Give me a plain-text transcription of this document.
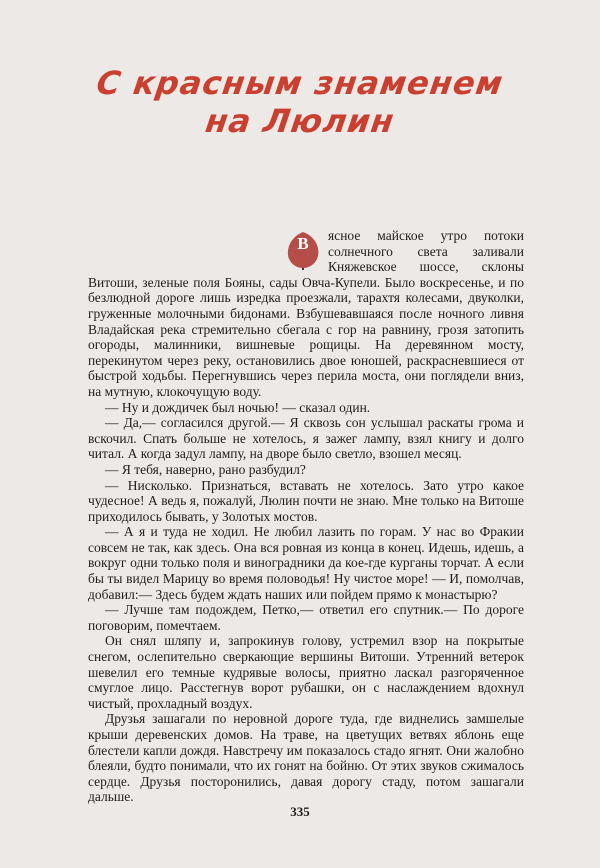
С красным знаменем
на Люлин

В	ясное майское утро потоки солнечного света заливали Княжевское шоссе, склоны Витоши, зеленые поля Бояны, сады Овча-Купели. Было воскресенье, и по безлюдной дороге лишь изредка проезжали, тарахтя колесами, двуколки, груженные молочными бидонами. Взбушевавшаяся после ночного ливня Владайская река стремительно сбегала с гор на равнину, грозя затопить огороды, малинники, вишневые рощицы. На деревянном мосту, перекинутом через реку, остановились двое юношей, раскрасневшиеся от быстрой ходьбы. Перегнувшись через перила моста, они поглядели вниз, на мутную, клокочущую воду.

— Ну и дождичек был ночью! — сказал один.

— Да,— согласился другой.— Я сквозь сон услышал раскаты грома и вскочил. Спать больше не хотелось, я зажег лампу, взял книгу и долго читал. А когда задул лампу, на дворе было светло, взошел месяц.

— Я тебя, наверно, рано разбудил?

— Нисколько. Признаться, вставать не хотелось. Зато утро какое чудесное! А ведь я, пожалуй, Люлин почти не знаю. Мне только на Витоше приходилось бывать, у Золотых мостов.

— А я и туда не ходил. Не любил лазить по горам. У нас во Фракии совсем не так, как здесь. Она вся ровная из конца в конец. Идешь, идешь, а вокруг одни только поля и виноградники да кое-где курганы торчат. А если бы ты видел Марицу во время половодья! Ну чистое море! — И, помолчав, добавил:— Здесь будем ждать наших или пойдем прямо к монастырю?

— Лучше там подождем, Петко,— ответил его спутник.— По дороге поговорим, помечтаем.

Он снял шляпу и, запрокинув голову, устремил взор на покрытые снегом, ослепительно сверкающие вершины Витоши. Утренний ветерок шевелил его темные кудрявые волосы, приятно ласкал разгоряченное смуглое лицо. Расстегнув ворот рубашки, он с наслаждением вдохнул чистый, прохладный воздух.

Друзья зашагали по неровной дороге туда, где виднелись замшелые крыши деревенских домов. На траве, на цветущих ветвях яблонь еще блестели капли дождя. Навстречу им показалось стадо ягнят. Они жалобно блеяли, будто понимали, что их гонят на бойню. От этих звуков сжималось сердце. Друзья посторонились, давая дорогу стаду, потом зашагали дальше.

335
